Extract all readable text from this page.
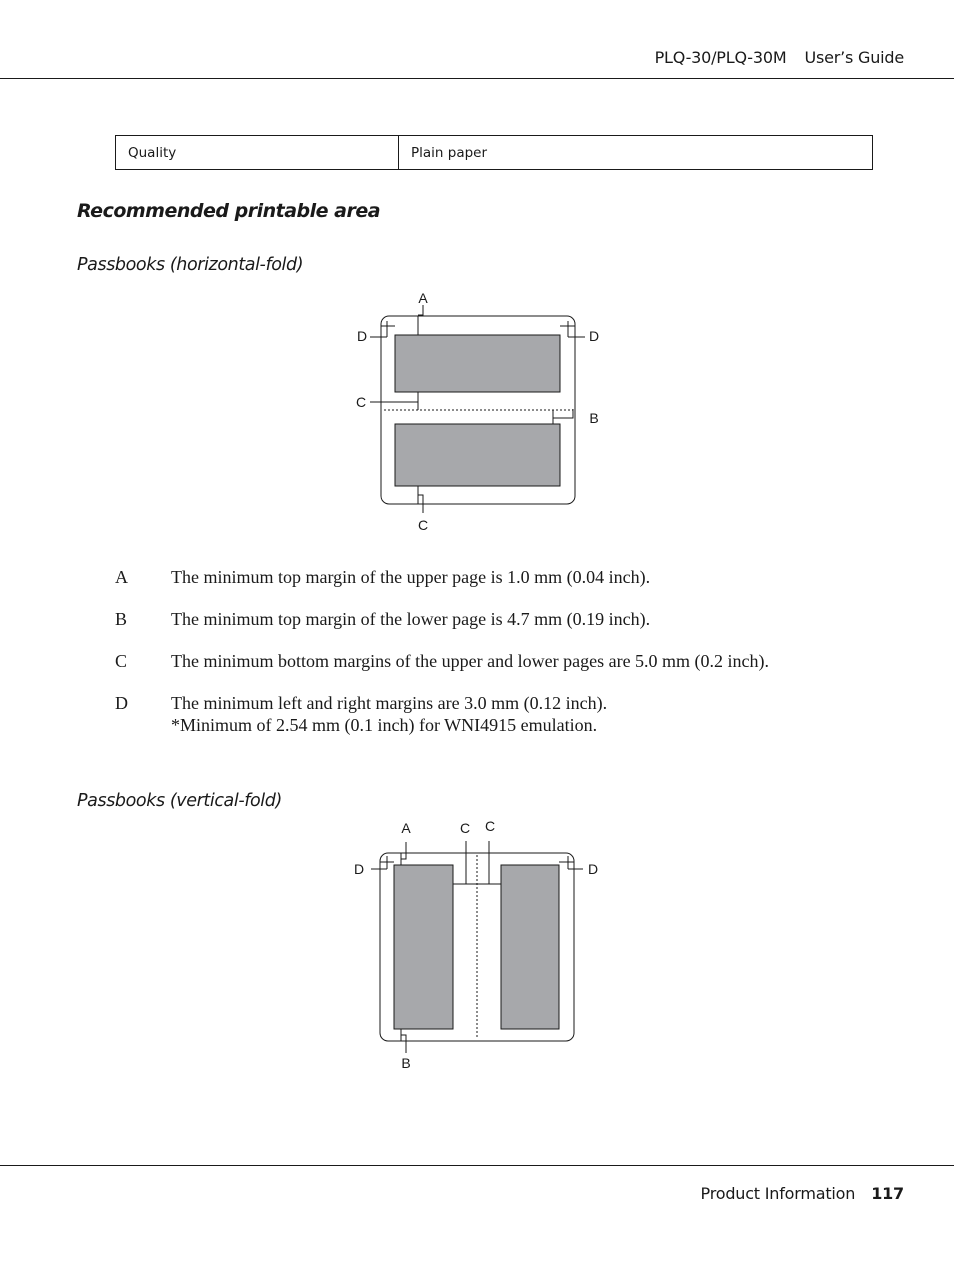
PLQ-30/PLQ-30M User’s Guide
Quality	Plain paper
Recommended printable area
Passbooks (horizontal-fold)
A
D	D
C
B
C
A	The minimum top margin of the upper page is 1.0 mm (0.04 inch).
B	The minimum top margin of the lower page is 4.7 mm (0.19 inch).
C	The minimum bottom margins of the upper and lower pages are 5.0 mm (0.2 inch).
D	The minimum left and right margins are 3.0 mm (0.12 inch).
*Minimum of 2.54 mm (0.1 inch) for WNI4915 emulation.
Passbooks (vertical-fold)
A
D	D
C C
B
Product Information 117
